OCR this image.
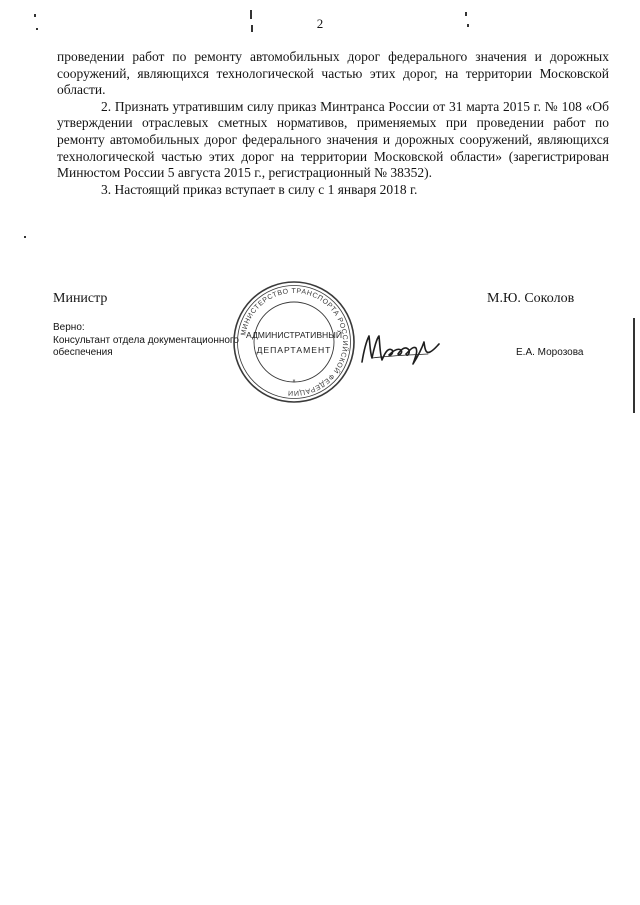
2

проведении работ по ремонту автомобильных дорог федерального значения и дорожных сооружений, являющихся технологической частью этих дорог, на территории Московской области.

2. Признать утратившим силу приказ Минтранса России от 31 марта 2015 г. № 108 «Об утверждении отраслевых сметных нормативов, применяемых при проведении работ по ремонту автомобильных дорог федерального значения и дорожных сооружений, являющихся технологической частью этих дорог на территории Московской области» (зарегистрирован Минюстом России 5 августа 2015 г., регистрационный № 38352).

3. Настоящий приказ вступает в силу с 1 января 2018 г.

Министр	М.Ю. Соколов
Верно:
Консультант отдела документационного
обеспечения	Е.А. Морозова
МИНИСТЕРСТВО ТРАНСПОРТА РОССИЙСКОЙ ФЕДЕРАЦИИ
АДМИНИСТРАТИВНЫЙ
ДЕПАРТАМЕНТ
*
